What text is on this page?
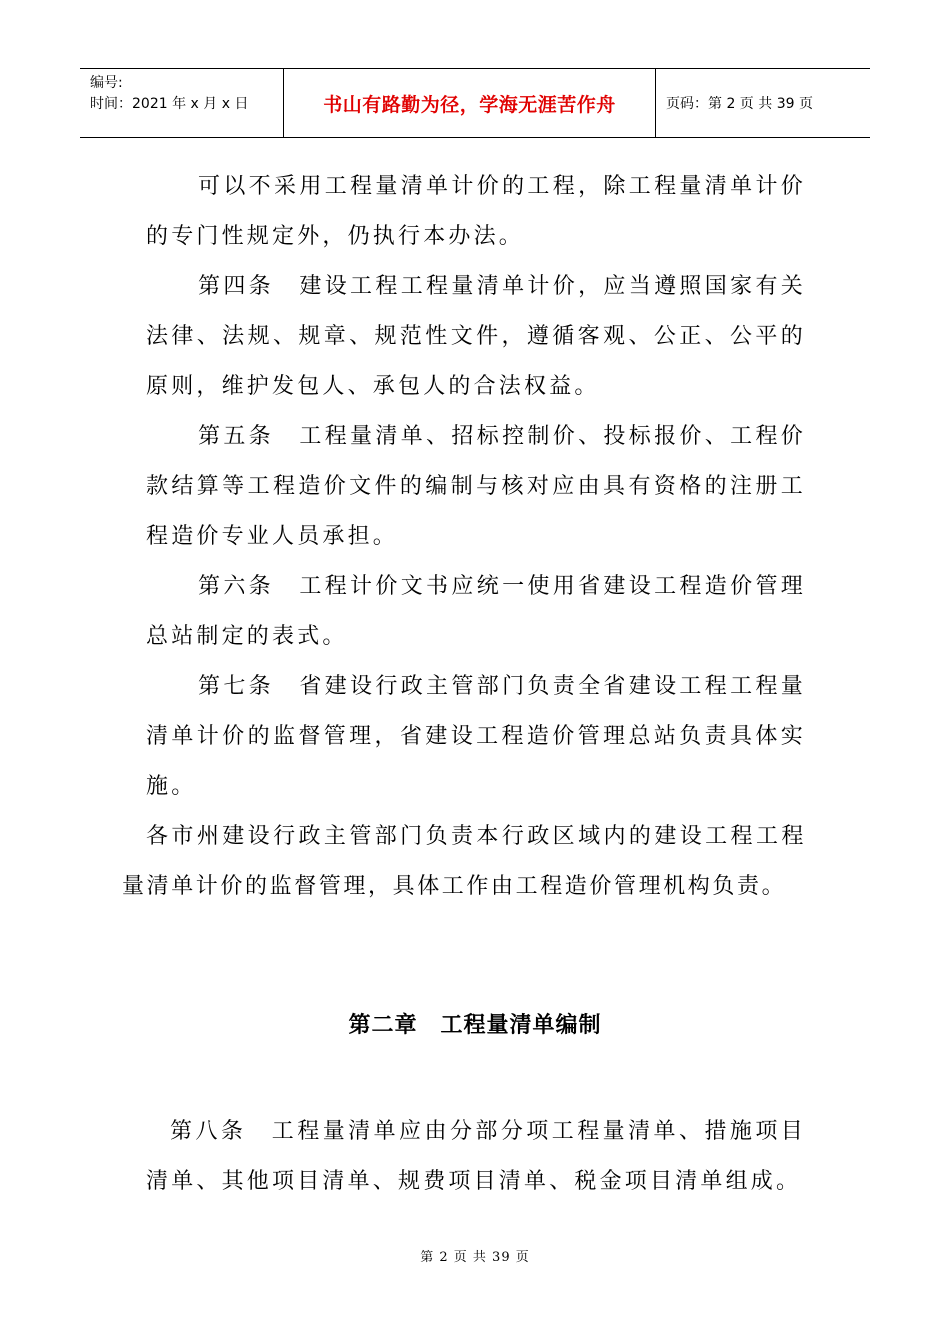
编号:
时间：2021 年 x 月 x 日	书山有路勤为径，学海无涯苦作舟	页码：第 2 页 共 39 页

可以不采用工程量清单计价的工程，除工程量清单计价的专门性规定外，仍执行本办法。

第四条　建设工程工程量清单计价，应当遵照国家有关法律、法规、规章、规范性文件，遵循客观、公正、公平的原则，维护发包人、承包人的合法权益。

第五条　工程量清单、招标控制价、投标报价、工程价款结算等工程造价文件的编制与核对应由具有资格的注册工程造价专业人员承担。

第六条　工程计价文书应统一使用省建设工程造价管理总站制定的表式。

第七条　省建设行政主管部门负责全省建设工程工程量清单计价的监督管理，省建设工程造价管理总站负责具体实施。

各市州建设行政主管部门负责本行政区域内的建设工程工程量清单计价的监督管理，具体工作由工程造价管理机构负责。

第二章　工程量清单编制

第八条　工程量清单应由分部分项工程量清单、措施项目清单、其他项目清单、规费项目清单、税金项目清单组成。

第 2 页 共 39 页
